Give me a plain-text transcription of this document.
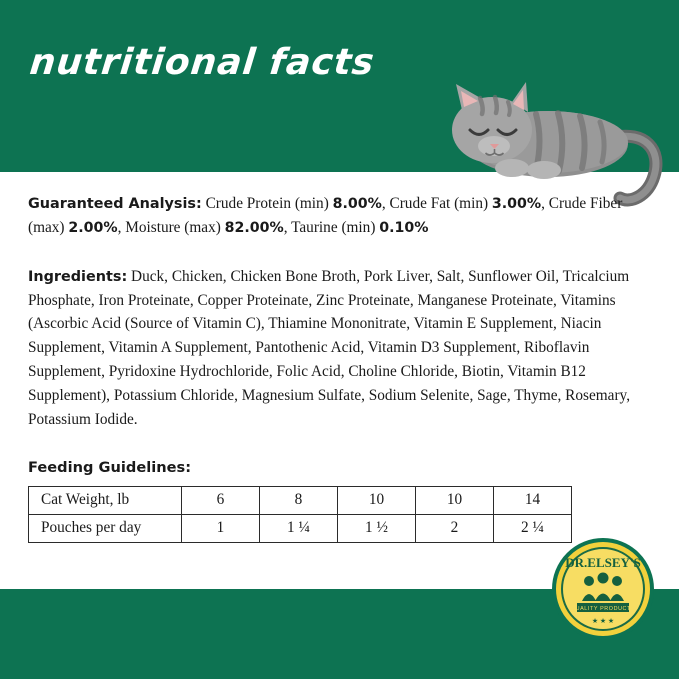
nutritional facts

Guaranteed Analysis: Crude Protein (min) 8.00%, Crude Fat (min) 3.00%, Crude Fiber (max) 2.00%, Moisture (max) 82.00%, Taurine (min) 0.10%

Ingredients: Duck, Chicken, Chicken Bone Broth, Pork Liver, Salt, Sunflower Oil, Tricalcium Phosphate, Iron Proteinate, Copper Proteinate, Zinc Proteinate, Manganese Proteinate, Vitamins (Ascorbic Acid (Source of Vitamin C), Thiamine Mononitrate, Vitamin E Supplement, Niacin Supplement, Vitamin A Supplement, Pantothenic Acid, Vitamin D3 Supplement, Riboflavin Supplement, Pyridoxine Hydrochloride, Folic Acid, Choline Chloride, Biotin, Vitamin B12 Supplement), Potassium Chloride, Magnesium Sulfate, Sodium Selenite, Sage, Thyme, Rosemary, Potassium Iodide.

Feeding Guidelines:
Cat Weight, lb	6	8	10	10	14
Pouches per day	1	1 ¼	1 ½	2	2 ¼
DR.ELSEY'S
QUALITY PRODUCTS
★ ★ ★
